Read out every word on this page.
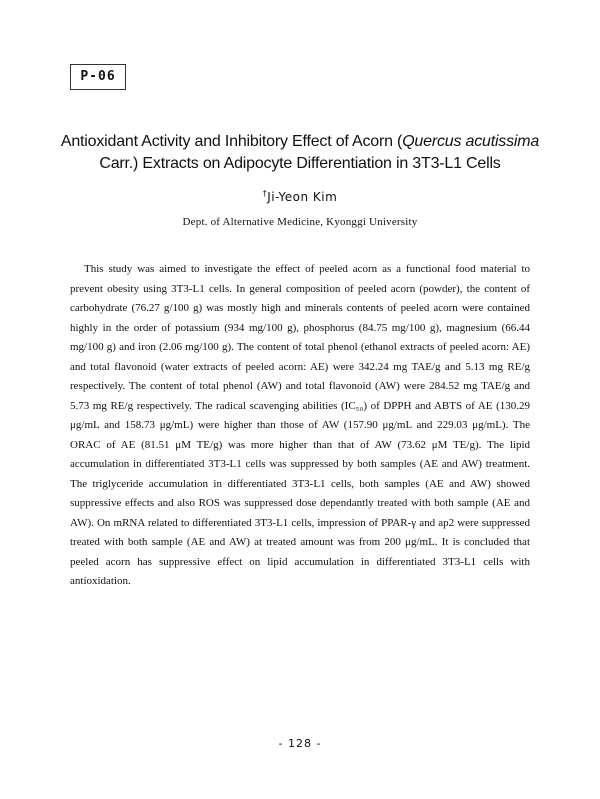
P-06
Antioxidant Activity and Inhibitory Effect of Acorn (Quercus acutissima
Carr.) Extracts on Adipocyte Differentiation in 3T3-L1 Cells
†Ji-Yeon Kim
Dept. of Alternative Medicine, Kyonggi University

This study was aimed to investigate the effect of peeled acorn as a functional food material to prevent obesity using 3T3-L1 cells. In general composition of peeled acorn (powder), the content of carbohydrate (76.27 g/100 g) was mostly high and minerals contents of peeled acorn were contained highly in the order of potassium (934 mg/100 g), phosphorus (84.75 mg/100 g), magnesium (66.44 mg/100 g) and iron (2.06 mg/100 g). The content of total phenol (ethanol extracts of peeled acorn: AE) and total flavonoid (water extracts of peeled acorn: AE) were 342.24 mg TAE/g and 5.13 mg RE/g respectively. The content of total phenol (AW) and total flavonoid (AW) were 284.52 mg TAE/g and 5.73 mg RE/g respectively. The radical scavenging abilities (IC₅₀) of DPPH and ABTS of AE (130.29 μg/mL and 158.73 μg/mL) were higher than those of AW (157.90 μg/mL and 229.03 μg/mL). The ORAC of AE (81.51 μM TE/g) was more higher than that of AW (73.62 μM TE/g). The lipid accumulation in differentiated 3T3-L1 cells was suppressed by both samples (AE and AW) treatment. The triglyceride accumulation in differentiated 3T3-L1 cells, both samples (AE and AW) showed suppressive effects and also ROS was suppressed dose dependantly treated with both sample (AE and AW). On mRNA related to differentiated 3T3-L1 cells, impression of PPAR-γ and ap2 were suppressed treated with both sample (AE and AW) at treated amount was from 200 μg/mL. It is concluded that peeled acorn has suppressive effect on lipid accumulation in differentiated 3T3-L1 cells with antioxidation.

- 128 -
